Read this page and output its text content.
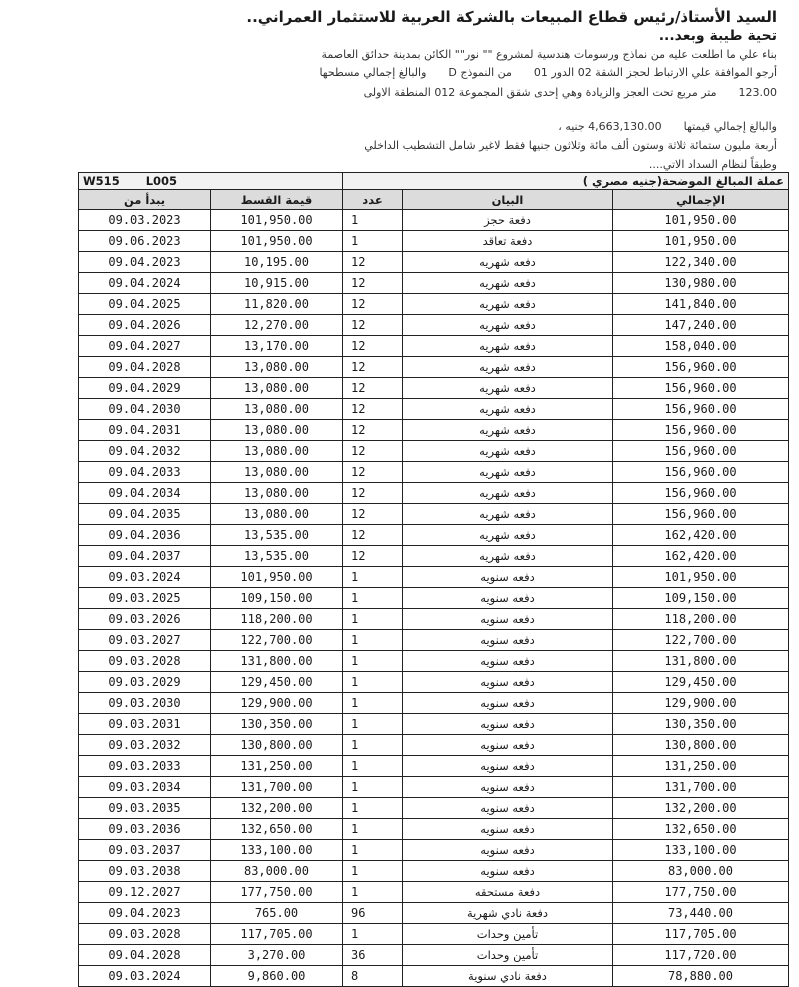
السيد الأستاذ/رئيس قطاع المبيعات بالشركة العربية للاستثمار العمراني..
تحية طيبة وبعد...
بناء علي ما اطلعت عليه من نماذج ورسومات هندسية لمشروع "" نور"" الكائن بمدينة حدائق العاصمة
أرجو الموافقة علي الارتباط لحجز الشقة 02 الدور 01من النموذج Dوالبالغ إجمالي مسطحها
123.00متر مربع تحت العجز والزيادة وهي إحدى شقق المجموعة 012 المنطقة الاولى
والبالغ إجمالي قيمتها4,663,130.00 جنيه ،
أربعة مليون ستمائة ثلاثة وستون ألف مائة وثلاثون جنيها فقط لاغير شامل التشطيب الداخلي
وطبقاً لنظام السداد الاتي....
W515 L005		عملة المبالغ الموضحة(جنيه مصري )		
يبدأ من	قيمة القسط	عدد	البيان	الإجمالي
09.03.2023	101,950.00	1	دفعة حجز	101,950.00
09.06.2023	101,950.00	1	دفعة تعاقد	101,950.00
09.04.2023	10,195.00	12	دفعه شهريه	122,340.00
09.04.2024	10,915.00	12	دفعه شهريه	130,980.00
09.04.2025	11,820.00	12	دفعه شهريه	141,840.00
09.04.2026	12,270.00	12	دفعه شهريه	147,240.00
09.04.2027	13,170.00	12	دفعه شهريه	158,040.00
09.04.2028	13,080.00	12	دفعه شهريه	156,960.00
09.04.2029	13,080.00	12	دفعه شهريه	156,960.00
09.04.2030	13,080.00	12	دفعه شهريه	156,960.00
09.04.2031	13,080.00	12	دفعه شهريه	156,960.00
09.04.2032	13,080.00	12	دفعه شهريه	156,960.00
09.04.2033	13,080.00	12	دفعه شهريه	156,960.00
09.04.2034	13,080.00	12	دفعه شهريه	156,960.00
09.04.2035	13,080.00	12	دفعه شهريه	156,960.00
09.04.2036	13,535.00	12	دفعه شهريه	162,420.00
09.04.2037	13,535.00	12	دفعه شهريه	162,420.00
09.03.2024	101,950.00	1	دفعه سنويه	101,950.00
09.03.2025	109,150.00	1	دفعه سنويه	109,150.00
09.03.2026	118,200.00	1	دفعه سنويه	118,200.00
09.03.2027	122,700.00	1	دفعه سنويه	122,700.00
09.03.2028	131,800.00	1	دفعه سنويه	131,800.00
09.03.2029	129,450.00	1	دفعه سنويه	129,450.00
09.03.2030	129,900.00	1	دفعه سنويه	129,900.00
09.03.2031	130,350.00	1	دفعه سنويه	130,350.00
09.03.2032	130,800.00	1	دفعه سنويه	130,800.00
09.03.2033	131,250.00	1	دفعه سنويه	131,250.00
09.03.2034	131,700.00	1	دفعه سنويه	131,700.00
09.03.2035	132,200.00	1	دفعه سنويه	132,200.00
09.03.2036	132,650.00	1	دفعه سنويه	132,650.00
09.03.2037	133,100.00	1	دفعه سنويه	133,100.00
09.03.2038	83,000.00	1	دفعه سنويه	83,000.00
09.12.2027	177,750.00	1	دفعة مستحقه	177,750.00
09.04.2023	765.00	96	دفعة نادي شهرية	73,440.00
09.03.2028	117,705.00	1	تأمين وحدات	117,705.00
09.04.2028	3,270.00	36	تأمين وحدات	117,720.00
09.03.2024	9,860.00	8	دفعة نادي سنوية	78,880.00
